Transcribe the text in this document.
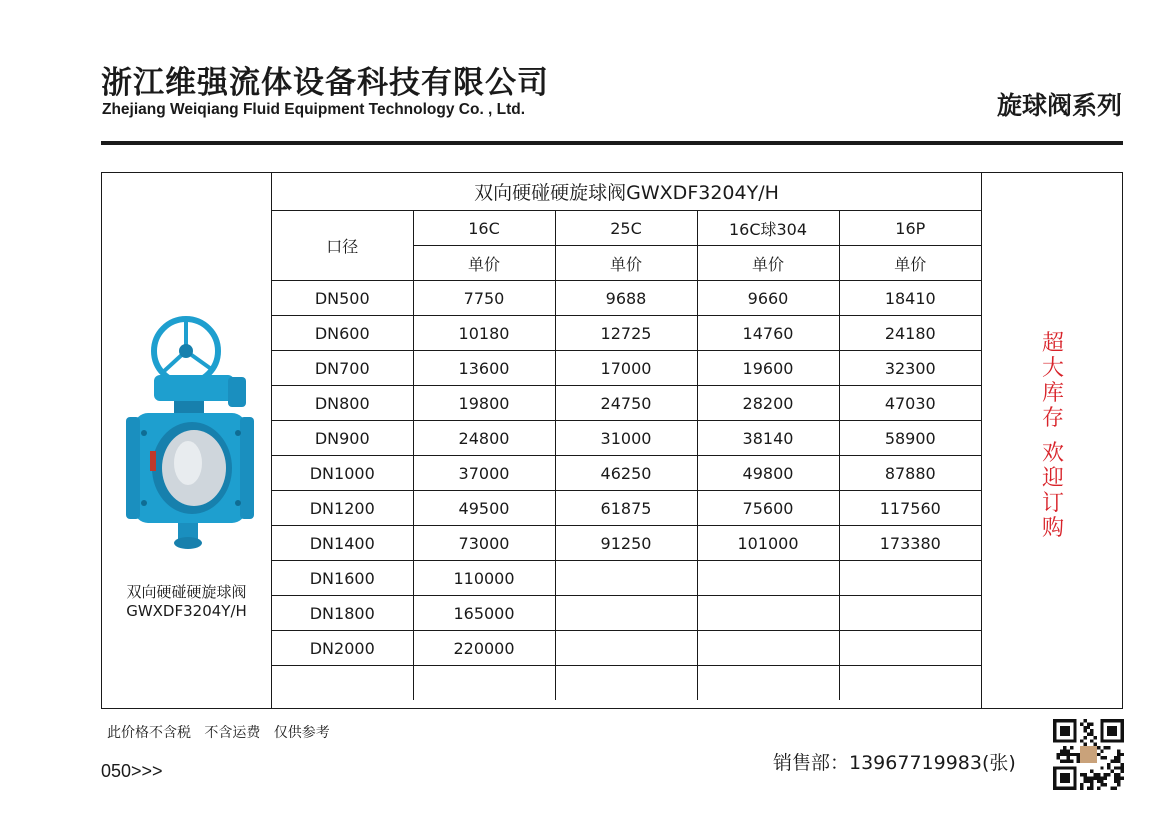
浙江维强流体设备科技有限公司
Zhejiang Weiqiang Fluid Equipment Technology Co. , Ltd.	旋球阀系列
双向硬碰硬旋球阀
GWXDF3204Y/H
双向硬碰硬旋球阀GWXDF3204Y/H				
口径	16C	25C	16C球304	16P
	单价	单价	单价	单价
DN500	7750	9688	9660	18410
DN600	10180	12725	14760	24180
DN700	13600	17000	19600	32300
DN800	19800	24750	28200	47030
DN900	24800	31000	38140	58900
DN1000	37000	46250	49800	87880
DN1200	49500	61875	75600	117560
DN1400	73000	91250	101000	173380
DN1600	110000			
DN1800	165000			
DN2000	220000			

超
大
库
存
欢
迎
订
购
此价格不含税   不含运费   仅供参考
050>>>	销售部：13967719983(张)
